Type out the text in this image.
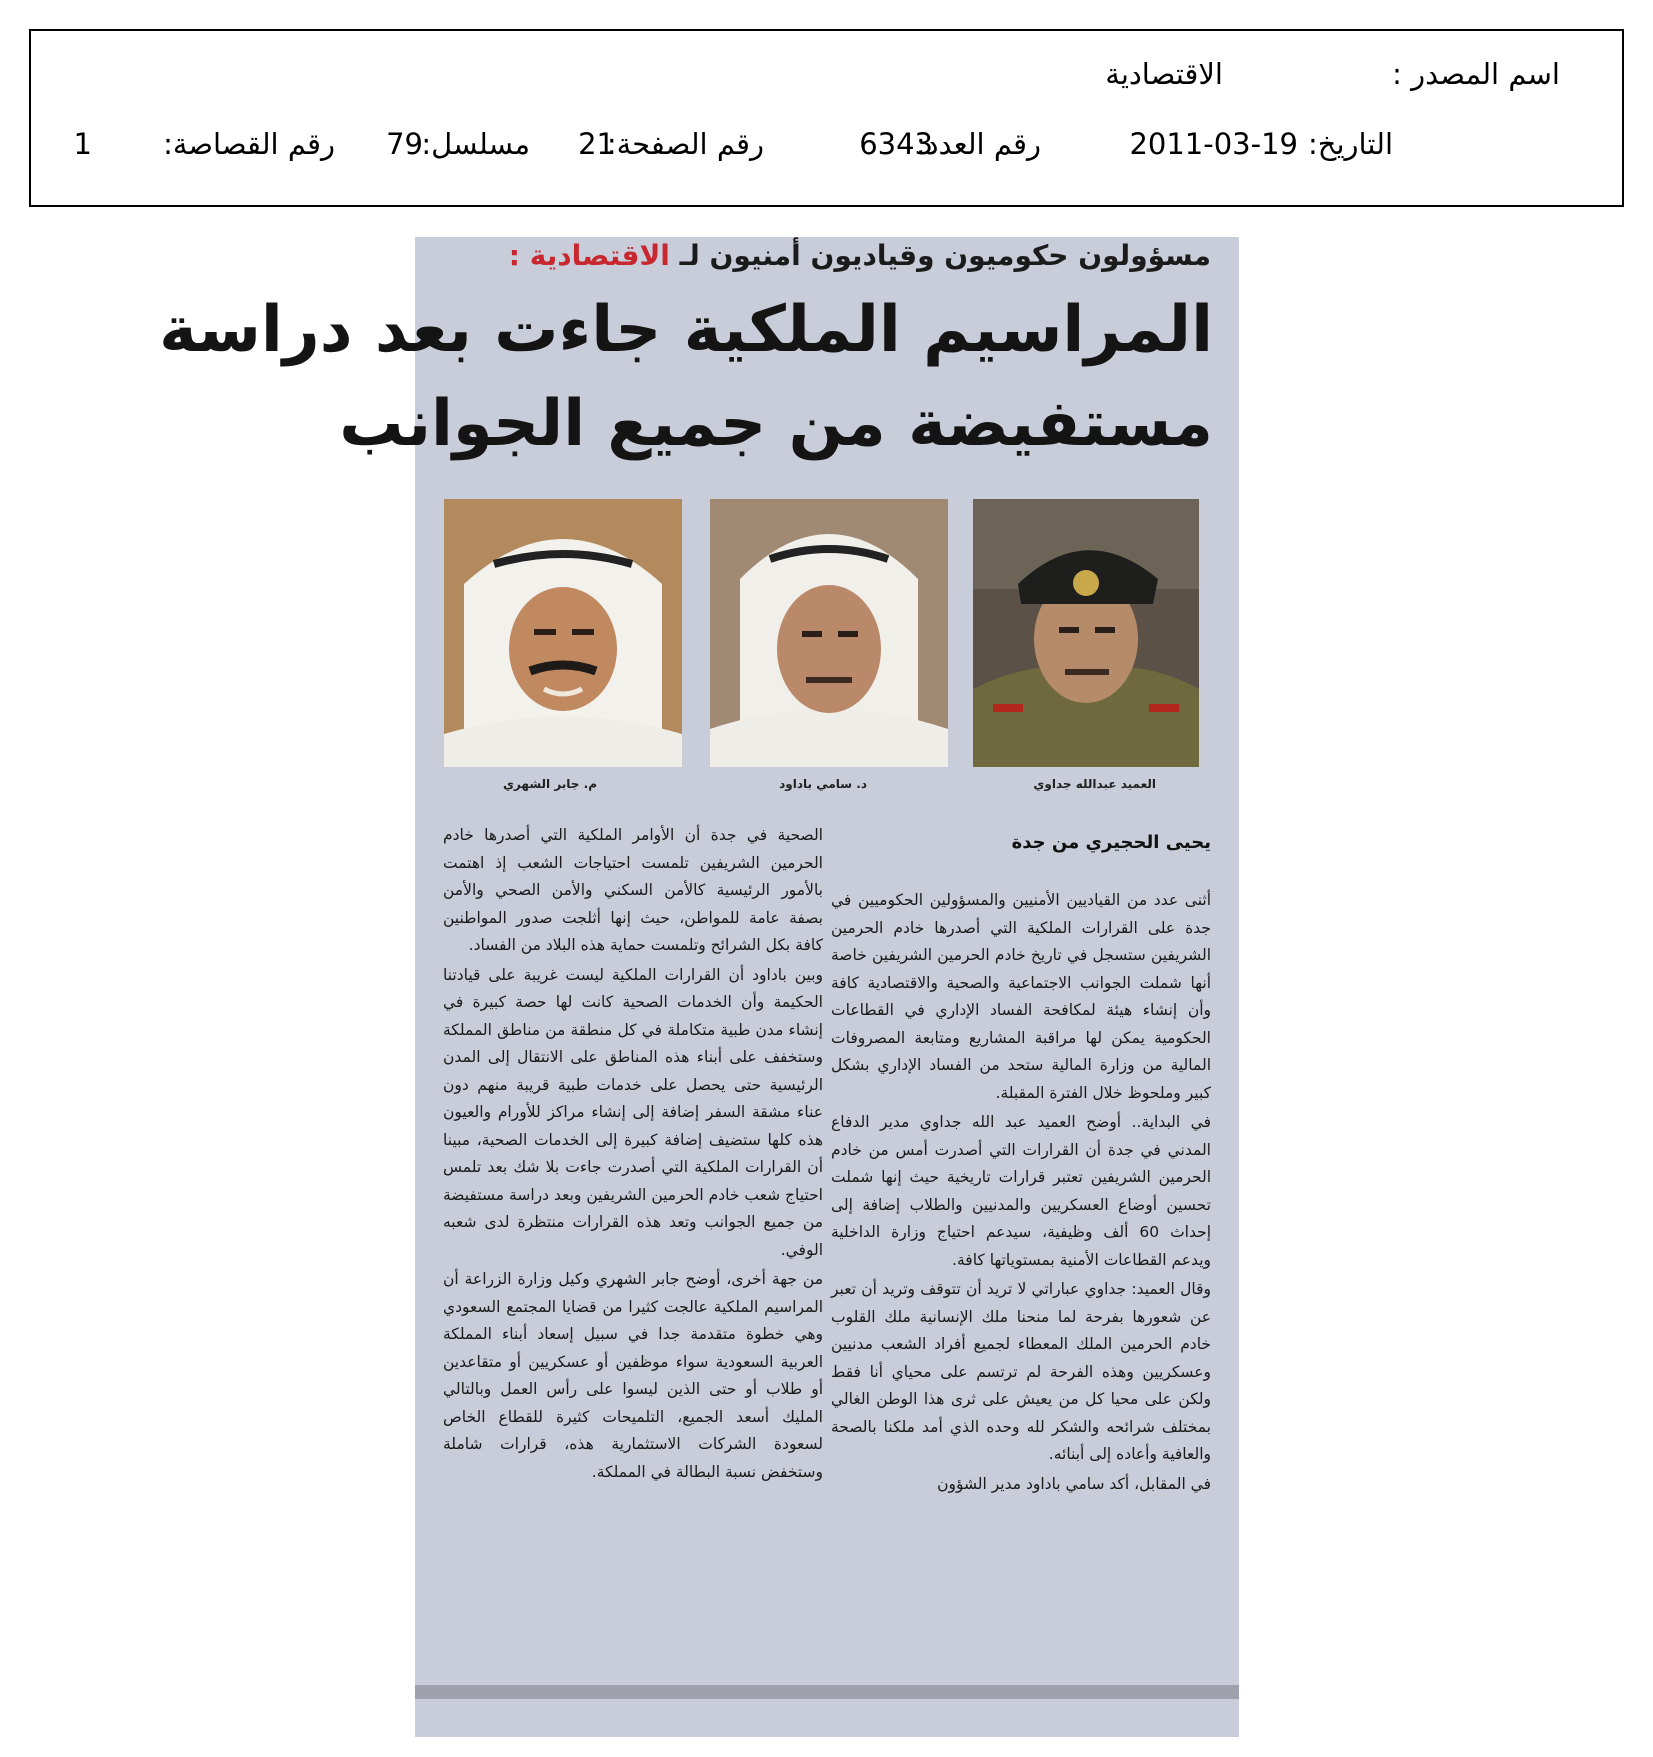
اسم المصدر :
الاقتصادية
التاريخ:
2011-03-19
رقم العدد:
6343
رقم الصفحة:
21
مسلسل:
79
رقم القصاصة:
1
مسؤولون حكوميون وقياديون أمنيون لـ الاقتصادية :
المراسيم الملكية جاءت بعد دراسة
مستفيضة من جميع الجوانب
العميد عبدالله جداوي
د. سامي باداود
م. جابر الشهري
يحيى الحجيري من جدة

أثنى عدد من القياديين الأمنيين والمسؤولين الحكوميين في جدة على القرارات الملكية التي أصدرها خادم الحرمين الشريفين ستسجل في تاريخ خادم الحرمين الشريفين خاصة أنها شملت الجوانب الاجتماعية والصحية والاقتصادية كافة وأن إنشاء هيئة لمكافحة الفساد الإداري في القطاعات الحكومية يمكن لها مراقبة المشاريع ومتابعة المصروفات المالية من وزارة المالية ستحد من الفساد الإداري بشكل كبير وملحوظ خلال الفترة المقبلة.

في البداية.. أوضح العميد عبد الله جداوي مدير الدفاع المدني في جدة أن القرارات التي أصدرت أمس من خادم الحرمين الشريفين تعتبر قرارات تاريخية حيث إنها شملت تحسين أوضاع العسكريين والمدنيين والطلاب إضافة إلى إحداث 60 ألف وظيفية، سيدعم احتياج وزارة الداخلية ويدعم القطاعات الأمنية بمستوياتها كافة.

وقال العميد: جداوي عباراتي لا تريد أن تتوقف وتريد أن تعبر عن شعورها بفرحة لما منحنا ملك الإنسانية ملك القلوب خادم الحرمين الملك المعطاء لجميع أفراد الشعب مدنيين وعسكريين وهذه الفرحة لم ترتسم على محياي أنا فقط ولكن على محيا كل من يعيش على ثرى هذا الوطن الغالي بمختلف شرائحه والشكر لله وحده الذي أمد ملكنا بالصحة والعافية وأعاده إلى أبنائه.

في المقابل، أكد سامي باداود مدير الشؤون

الصحية في جدة أن الأوامر الملكية التي أصدرها خادم الحرمين الشريفين تلمست احتياجات الشعب إذ اهتمت بالأمور الرئيسية كالأمن السكني والأمن الصحي والأمن بصفة عامة للمواطن، حيث إنها أثلجت صدور المواطنين كافة بكل الشرائح وتلمست حماية هذه البلاد من الفساد.

وبين باداود أن القرارات الملكية ليست غريبة على قيادتنا الحكيمة وأن الخدمات الصحية كانت لها حصة كبيرة في إنشاء مدن طبية متكاملة في كل منطقة من مناطق المملكة وستخفف على أبناء هذه المناطق على الانتقال إلى المدن الرئيسية حتى يحصل على خدمات طبية قريبة منهم دون عناء مشقة السفر إضافة إلى إنشاء مراكز للأورام والعيون هذه كلها ستضيف إضافة كبيرة إلى الخدمات الصحية، مبينا أن القرارات الملكية التي أصدرت جاءت بلا شك بعد تلمس احتياج شعب خادم الحرمين الشريفين وبعد دراسة مستفيضة من جميع الجوانب وتعد هذه القرارات منتظرة لدى شعبه الوفي.

من جهة أخرى، أوضح جابر الشهري وكيل وزارة الزراعة أن المراسيم الملكية عالجت كثيرا من قضايا المجتمع السعودي وهي خطوة متقدمة جدا في سبيل إسعاد أبناء المملكة العربية السعودية سواء موظفين أو عسكريين أو متقاعدين أو طلاب أو حتى الذين ليسوا على رأس العمل وبالتالي المليك أسعد الجميع، التلميحات كثيرة للقطاع الخاص لسعودة الشركات الاستثمارية هذه، قرارات شاملة وستخفض نسبة البطالة في المملكة.
